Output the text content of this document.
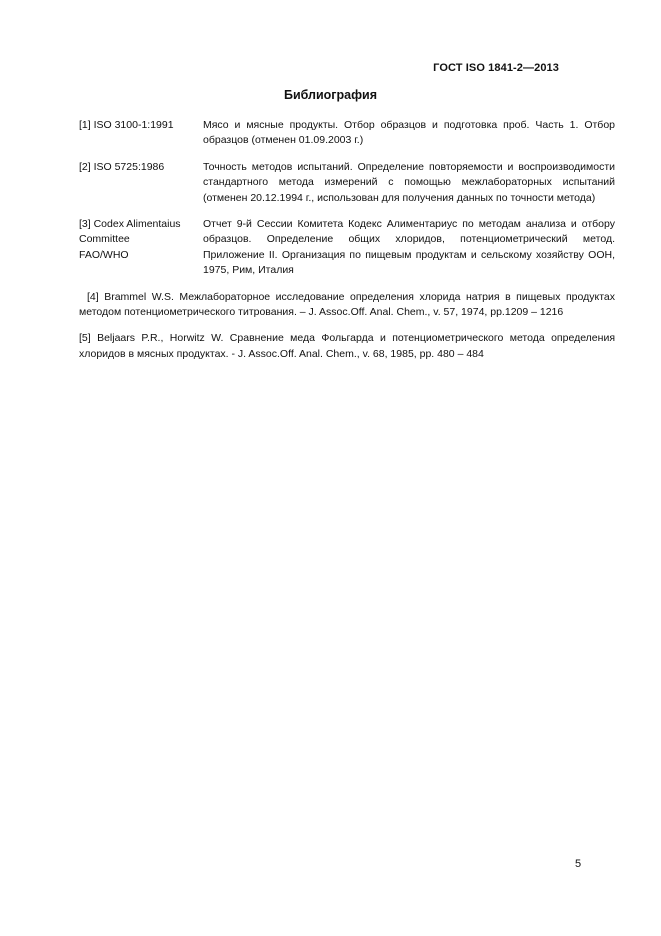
ГОСТ ISO 1841-2—2013
Библиография
[1] ISO 3100-1:1991	Мясо и мясные продукты. Отбор образцов и подготовка проб. Часть 1. Отбор образцов (отменен 01.09.2003 г.)
[2] ISO 5725:1986	Точность методов испытаний. Определение повторяемости и воспроизводимости стандартного метода измерений с помощью межлабораторных испытаний (отменен 20.12.1994 г., использован для получения данных по точности метода)
[3] Codex Alimentaius
Committee
FAO/WHO
Отчет 9-й Сессии Комитета Кодекс Алиментариус по методам анализа и отбору образцов. Определение общих хлоридов, потенциометрический метод. Приложение II. Организация по пищевым продуктам и сельскому хозяйству ООН, 1975, Рим, Италия
[4] Brammel W.S. Межлабораторное исследование определения хлорида натрия в пищевых продуктах методом потенциометрического титрования. – J. Assoc.Off. Anal. Chem., v. 57, 1974, pp.1209 – 1216
[5] Beljaars P.R., Horwitz W. Сравнение меда Фольгарда и потенциометрического метода определения хлоридов в мясных продуктах. - J. Assoc.Off. Anal. Chem., v. 68, 1985, pp. 480 – 484
5
